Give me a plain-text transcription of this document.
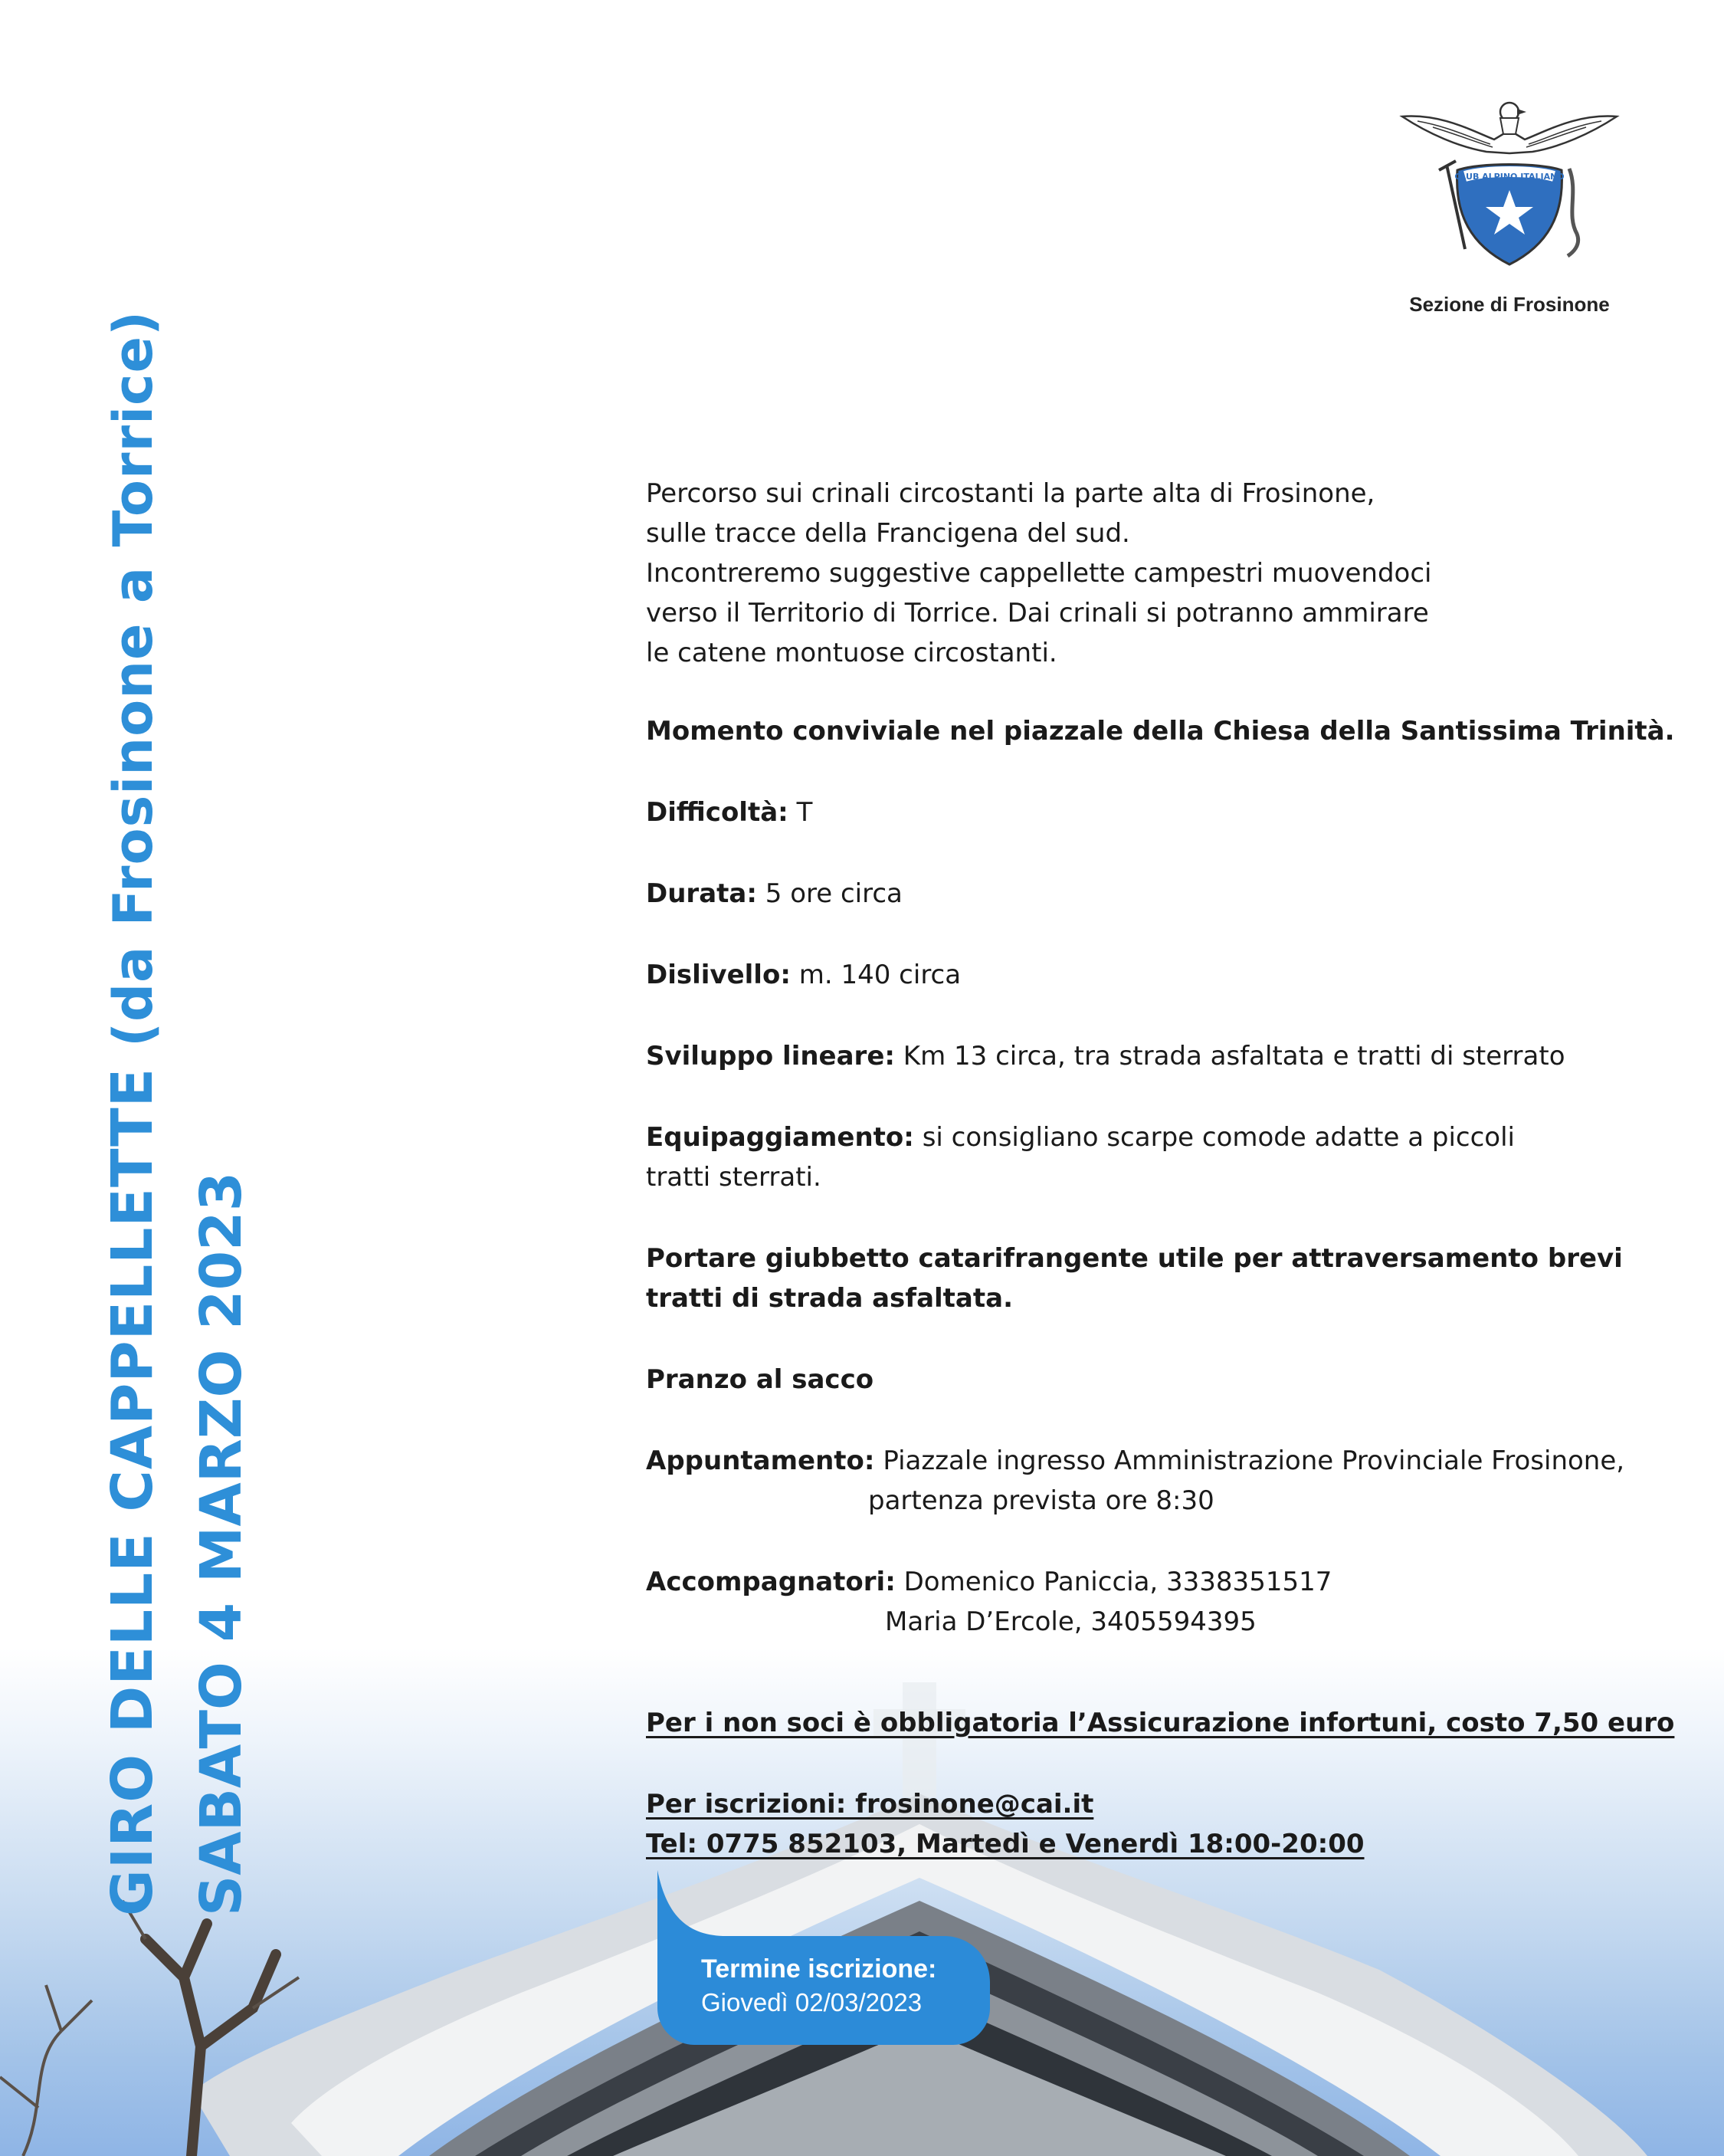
GIRO DELLE CAPPELLETTE (da Frosinone a Torrice)
SABATO 4 MARZO 2023
CLUB ALPINO ITALIANO
Sezione di Frosinone

Percorso sui crinali circostanti la parte alta di Frosinone,

sulle tracce della Francigena del sud.

Incontreremo suggestive cappellette campestri muovendoci

verso il Territorio di Torrice. Dai crinali si potranno ammirare

le catene montuose circostanti.

Momento conviviale nel piazzale della Chiesa della Santissima Trinità.

Difficoltà: T

Durata: 5 ore circa

Dislivello: m. 140 circa

Sviluppo lineare: Km 13 circa, tra strada asfaltata e tratti di sterrato

Equipaggiamento: si consigliano scarpe comode adatte a piccoli

tratti sterrati.

Portare giubbetto catarifrangente utile per attraversamento brevi

tratti di strada asfaltata.

Pranzo al sacco

Appuntamento: Piazzale ingresso Amministrazione Provinciale Frosinone,

partenza prevista ore 8:30

Accompagnatori: Domenico Paniccia, 3338351517

Maria D’Ercole, 3405594395

Per i non soci è obbligatoria l’Assicurazione infortuni, costo 7,50 euro

Per iscrizioni: frosinone@cai.it

Tel: 0775 852103, Martedì e Venerdì 18:00-20:00

Termine iscrizione:
Giovedì 02/03/2023
